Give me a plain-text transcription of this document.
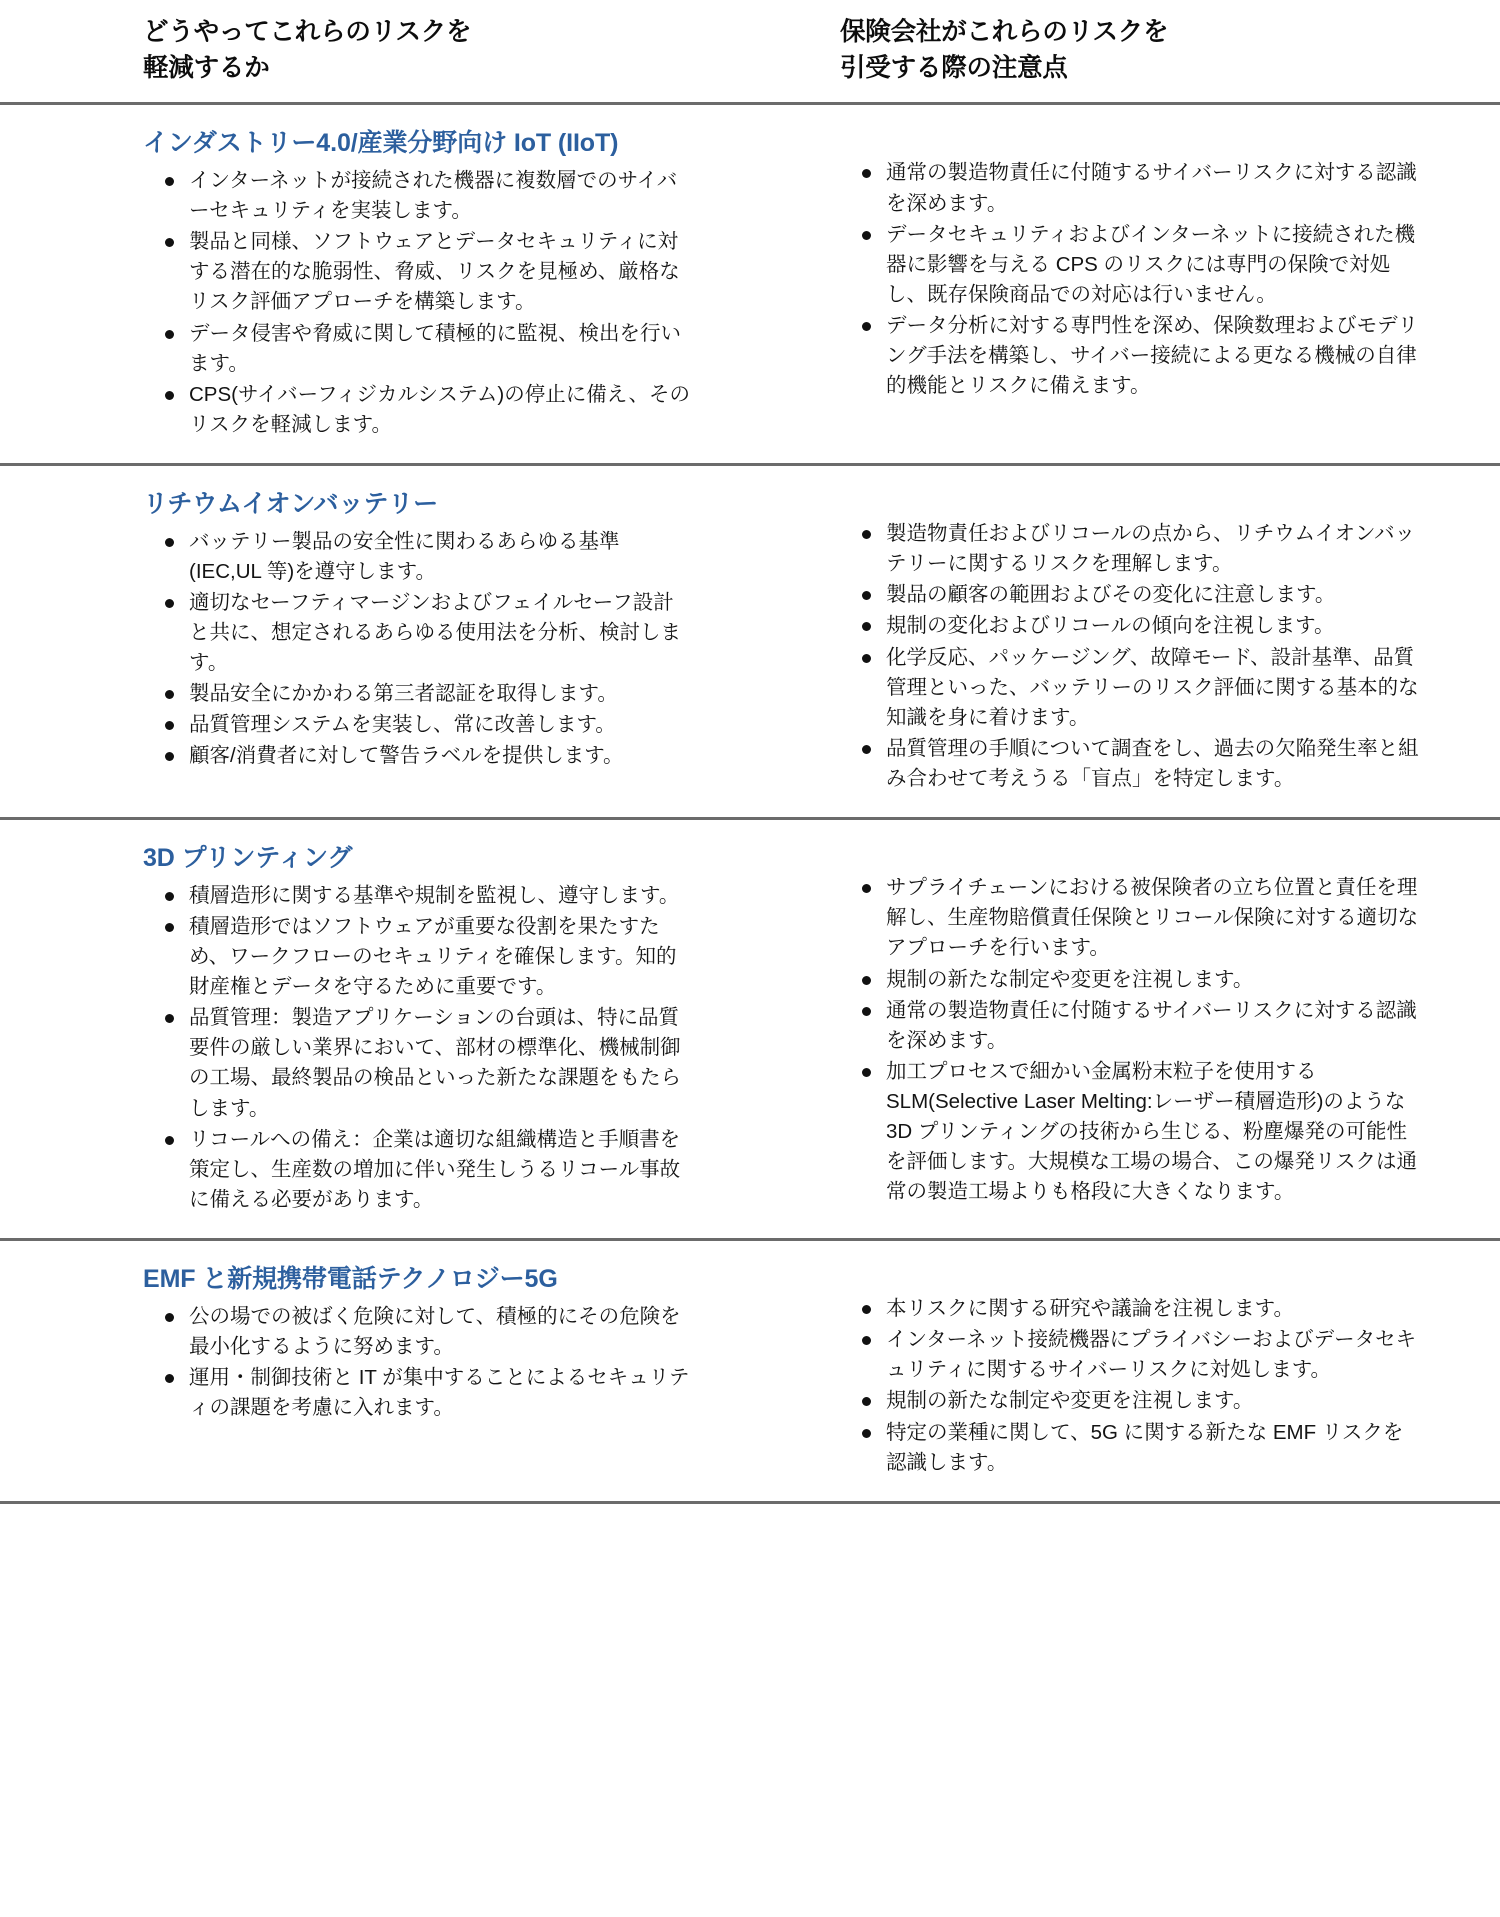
どうやってこれらのリスクを
軽減するか
保険会社がこれらのリスクを
引受する際の注意点
インダストリー4.0/産業分野向け IoT (IIoT)
インターネットが接続された機器に複数層でのサイバーセキュリティを実装します。
製品と同様、ソフトウェアとデータセキュリティに対する潜在的な脆弱性、脅威、リスクを見極め、厳格なリスク評価アプローチを構築します。
データ侵害や脅威に関して積極的に監視、検出を行います。
CPS(サイバーフィジカルシステム)の停止に備え、そのリスクを軽減します。
通常の製造物責任に付随するサイバーリスクに対する認識を深めます。
データセキュリティおよびインターネットに接続された機器に影響を与える CPS のリスクには専門の保険で対処し、既存保険商品での対応は行いません。
データ分析に対する専門性を深め、保険数理およびモデリング手法を構築し、サイバー接続による更なる機械の自律的機能とリスクに備えます。
リチウムイオンバッテリー
バッテリー製品の安全性に関わるあらゆる基準(IEC,UL 等)を遵守します。
適切なセーフティマージンおよびフェイルセーフ設計と共に、想定されるあらゆる使用法を分析、検討します。
製品安全にかかわる第三者認証を取得します。
品質管理システムを実装し、常に改善します。
顧客/消費者に対して警告ラベルを提供します。
製造物責任およびリコールの点から、リチウムイオンバッテリーに関するリスクを理解します。
製品の顧客の範囲およびその変化に注意します。
規制の変化およびリコールの傾向を注視します。
化学反応、パッケージング、故障モード、設計基準、品質管理といった、バッテリーのリスク評価に関する基本的な知識を身に着けます。
品質管理の手順について調査をし、過去の欠陥発生率と組み合わせて考えうる「盲点」を特定します。
3D プリンティング
積層造形に関する基準や規制を監視し、遵守します。
積層造形ではソフトウェアが重要な役割を果たすため、ワークフローのセキュリティを確保します。知的財産権とデータを守るために重要です。
品質管理：製造アプリケーションの台頭は、特に品質要件の厳しい業界において、部材の標準化、機械制御の工場、最終製品の検品といった新たな課題をもたらします。
リコールへの備え：企業は適切な組織構造と手順書を策定し、生産数の増加に伴い発生しうるリコール事故に備える必要があります。
サプライチェーンにおける被保険者の立ち位置と責任を理解し、生産物賠償責任保険とリコール保険に対する適切なアプローチを行います。
規制の新たな制定や変更を注視します。
通常の製造物責任に付随するサイバーリスクに対する認識を深めます。
加工プロセスで細かい金属粉末粒子を使用する SLM(Selective Laser Melting:レーザー積層造形)のような 3D プリンティングの技術から生じる、粉塵爆発の可能性を評価します。大規模な工場の場合、この爆発リスクは通常の製造工場よりも格段に大きくなります。
EMF と新規携帯電話テクノロジー5G
公の場での被ばく危険に対して、積極的にその危険を最小化するように努めます。
運用・制御技術と IT が集中することによるセキュリティの課題を考慮に入れます。
本リスクに関する研究や議論を注視します。
インターネット接続機器にプライバシーおよびデータセキュリティに関するサイバーリスクに対処します。
規制の新たな制定や変更を注視します。
特定の業種に関して、5G に関する新たな EMF リスクを認識します。
